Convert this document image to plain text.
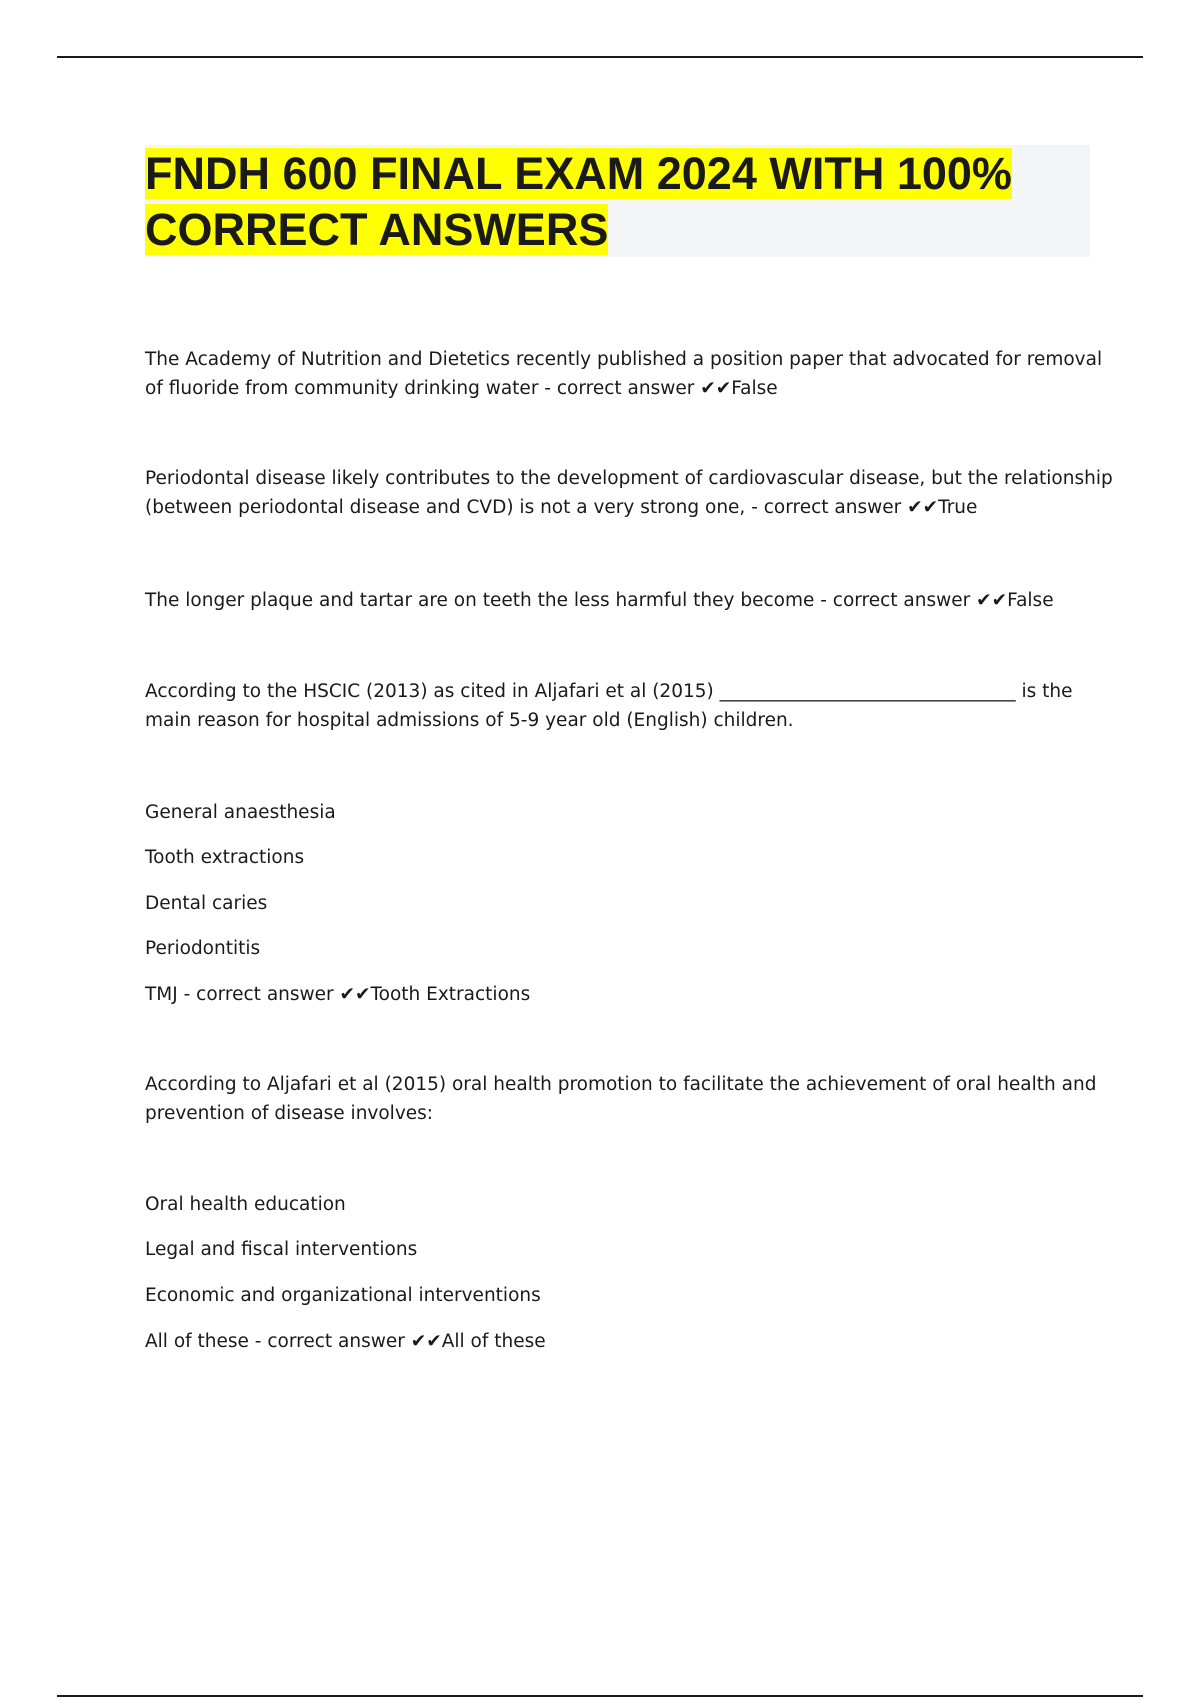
FNDH 600 FINAL EXAM 2024 WITH 100%
CORRECT ANSWERS

The Academy of Nutrition and Dietetics recently published a position paper that advocated for removal
of fluoride from community drinking water - correct answer ✔✔False

Periodontal disease likely contributes to the development of cardiovascular disease, but the relationship
(between periodontal disease and CVD) is not a very strong one, - correct answer ✔✔True

The longer plaque and tartar are on teeth the less harmful they become - correct answer ✔✔False

According to the HSCIC (2013) as cited in Aljafari et al (2015) ________________________________ is the
main reason for hospital admissions of 5-9 year old (English) children.

General anaesthesia

Tooth extractions

Dental caries

Periodontitis

TMJ - correct answer ✔✔Tooth Extractions

According to Aljafari et al (2015) oral health promotion to facilitate the achievement of oral health and
prevention of disease involves:

Oral health education

Legal and fiscal interventions

Economic and organizational interventions

All of these - correct answer ✔✔All of these
